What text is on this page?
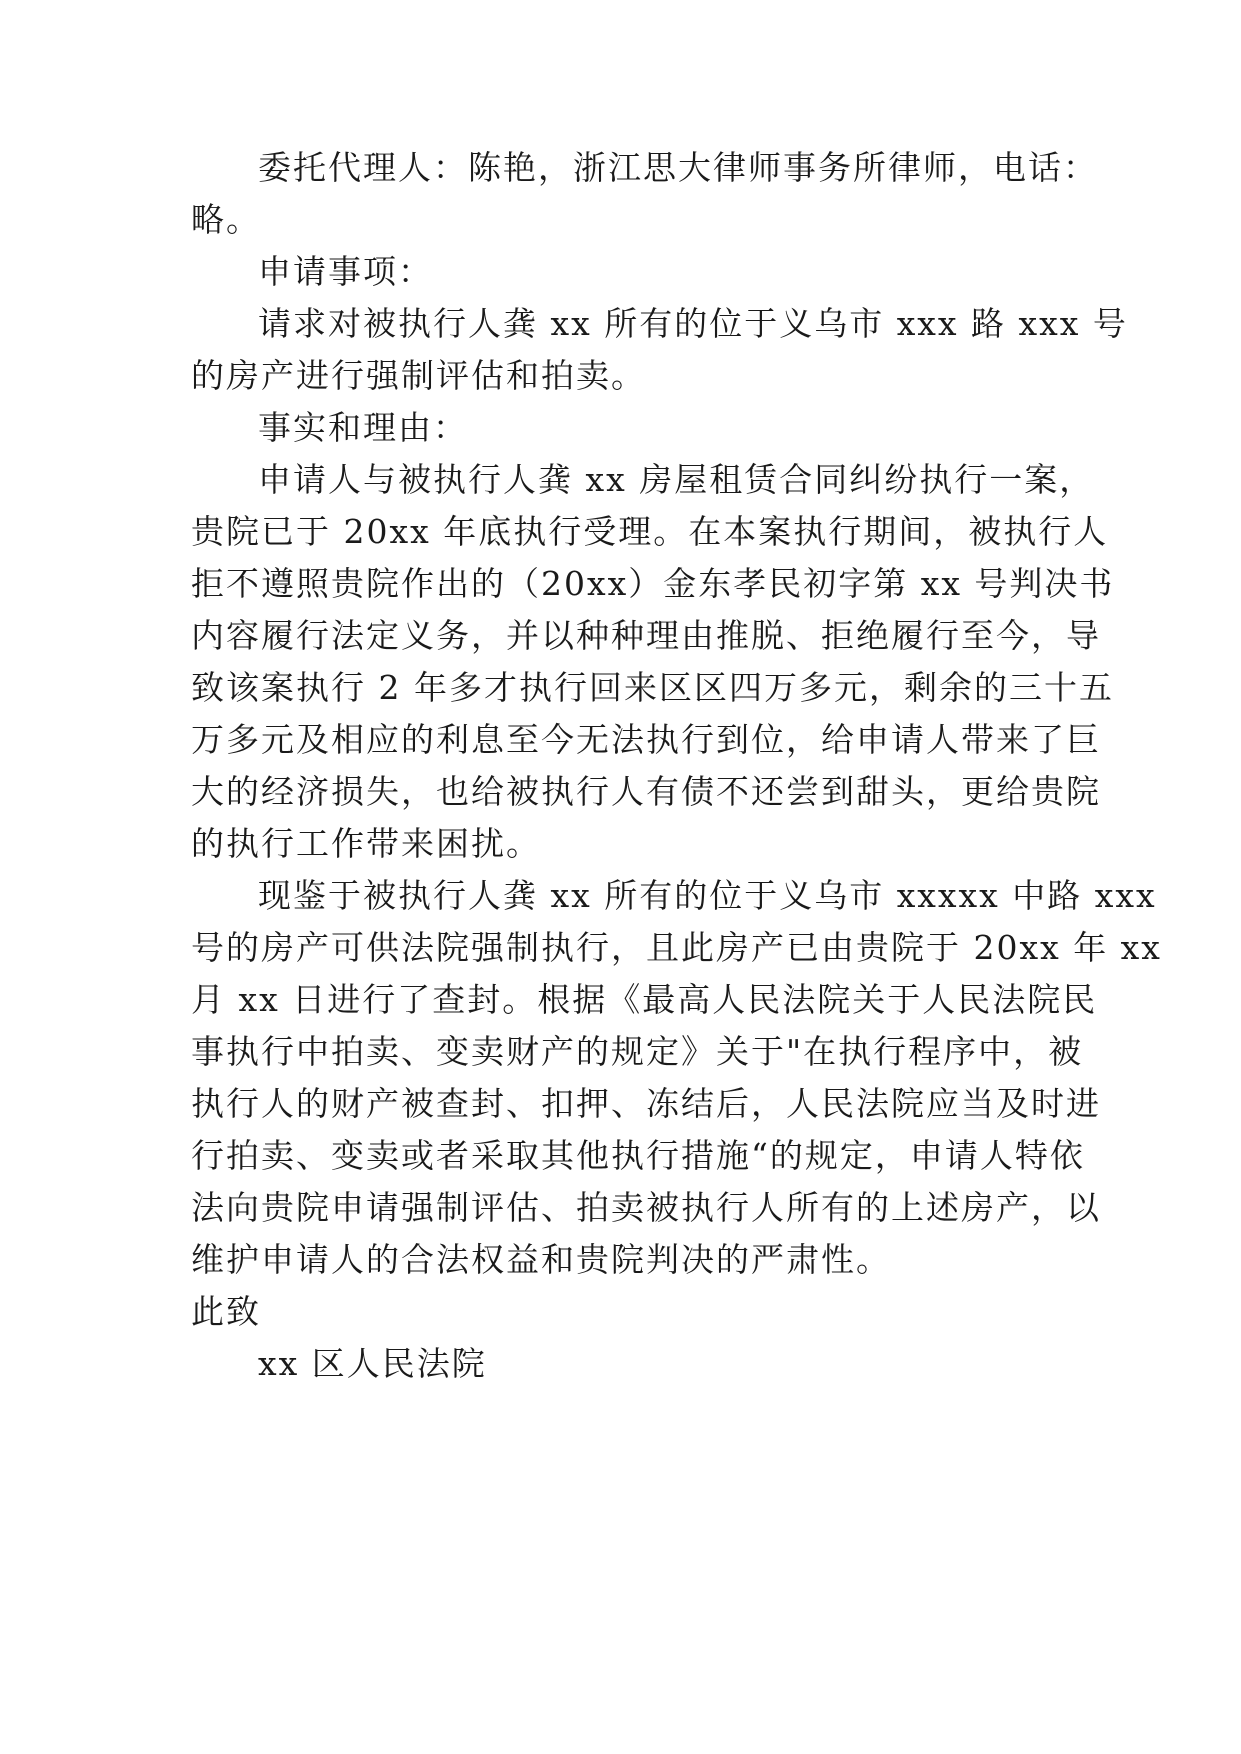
委托代理人：陈艳，浙江思大律师事务所律师，电话：
略。
申请事项：
请求对被执行人龚 xx 所有的位于义乌市 xxx 路 xxx 号
的房产进行强制评估和拍卖。
事实和理由：
申请人与被执行人龚 xx 房屋租赁合同纠纷执行一案，
贵院已于 20xx 年底执行受理。在本案执行期间，被执行人
拒不遵照贵院作出的（20xx）金东孝民初字第 xx 号判决书
内容履行法定义务，并以种种理由推脱、拒绝履行至今，导
致该案执行 2 年多才执行回来区区四万多元，剩余的三十五
万多元及相应的利息至今无法执行到位，给申请人带来了巨
大的经济损失，也给被执行人有债不还尝到甜头，更给贵院
的执行工作带来困扰。
现鉴于被执行人龚 xx 所有的位于义乌市 xxxxx 中路 xxx
号的房产可供法院强制执行，且此房产已由贵院于 20xx 年 xx
月 xx 日进行了查封。根据《最高人民法院关于人民法院民
事执行中拍卖、变卖财产的规定》关于"在执行程序中，被
执行人的财产被查封、扣押、冻结后，人民法院应当及时进
行拍卖、变卖或者采取其他执行措施“的规定，申请人特依
法向贵院申请强制评估、拍卖被执行人所有的上述房产，以
维护申请人的合法权益和贵院判决的严肃性。
此致
xx 区人民法院
